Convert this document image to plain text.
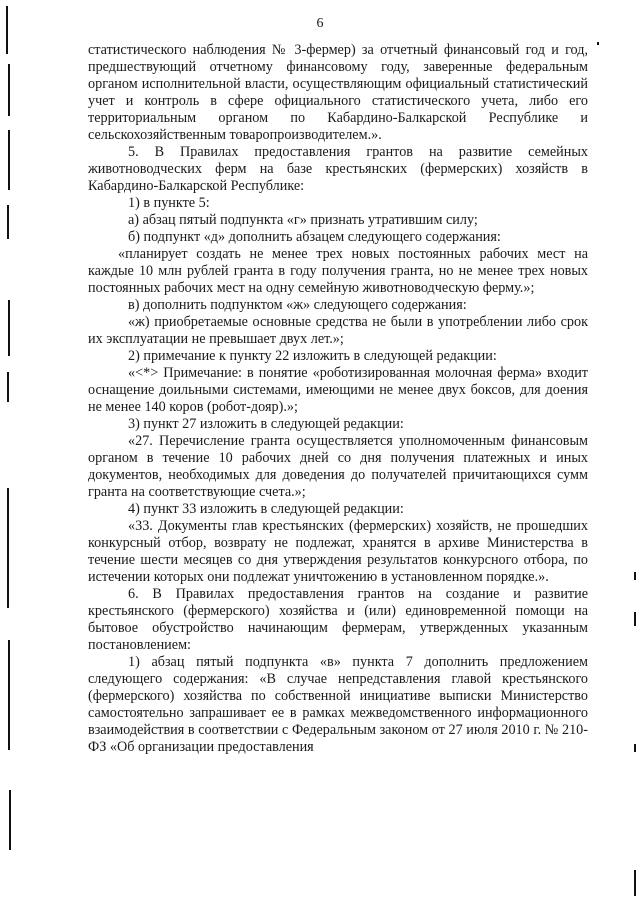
6

статистического наблюдения № 3-фермер) за отчетный финансовый год и год, предшествующий отчетному финансовому году, заверенные федеральным органом исполнительной власти, осуществляющим официальный статистический учет и контроль в сфере официального статистического учета, либо его территориальным органом по Кабардино-Балкарской Республике и сельскохозяйственным товаропроизводителем.».

5. В Правилах предоставления грантов на развитие семейных животноводческих ферм на базе крестьянских (фермерских) хозяйств в Кабардино-Балкарской Республике:

1) в пункте 5:

а) абзац пятый подпункта «г» признать утратившим силу;

б) подпункт «д» дополнить абзацем следующего содержания:

«планирует создать не менее трех новых постоянных рабочих мест на каждые 10 млн рублей гранта в году получения гранта, но не менее трех новых постоянных рабочих мест на одну семейную животноводческую ферму.»;

в) дополнить подпунктом «ж» следующего содержания:

«ж) приобретаемые основные средства не были в употреблении либо срок их эксплуатации не превышает двух лет.»;

2) примечание к пункту 22 изложить в следующей редакции:

«<*> Примечание: в понятие «роботизированная молочная ферма» входит оснащение доильными системами, имеющими не менее двух боксов, для доения не менее 140 коров (робот-дояр).»;

3) пункт 27 изложить в следующей редакции:

«27. Перечисление гранта осуществляется уполномоченным финансовым органом в течение 10 рабочих дней со дня получения платежных и иных документов, необходимых для доведения до получателей причитающихся сумм гранта на соответствующие счета.»;

4) пункт 33 изложить в следующей редакции:

«33. Документы глав крестьянских (фермерских) хозяйств, не прошедших конкурсный отбор, возврату не подлежат, хранятся в архиве Министерства в течение шести месяцев со дня утверждения результатов конкурсного отбора, по истечении которых они подлежат уничтожению в установленном порядке.».

6. В Правилах предоставления грантов на создание и развитие крестьянского (фермерского) хозяйства и (или) единовременной помощи на бытовое обустройство начинающим фермерам, утвержденных указанным постановлением:

1) абзац пятый подпункта «в» пункта 7 дополнить предложением следующего содержания: «В случае непредставления главой крестьянского (фермерского) хозяйства по собственной инициативе выписки Министерство самостоятельно запрашивает ее в рамках межведомственного информационного взаимодействия в соответствии с Федеральным законом от 27 июля 2010 г. № 210-ФЗ «Об организации предоставления
